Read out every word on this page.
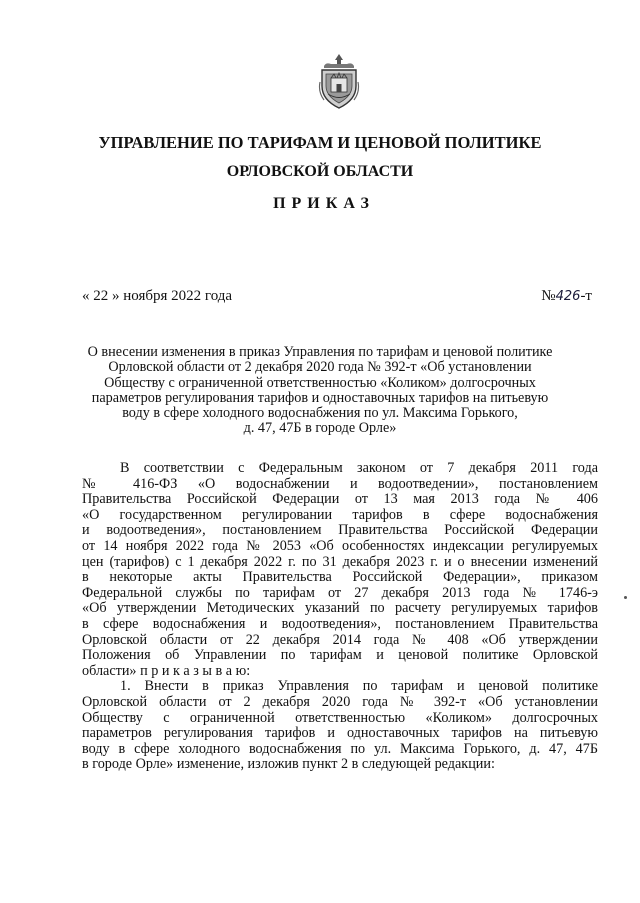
УПРАВЛЕНИЕ ПО ТАРИФАМ И ЦЕНОВОЙ ПОЛИТИКЕ
ОРЛОВСКОЙ ОБЛАСТИ
ПРИКАЗ
« 22 » ноября 2022 года	№426-т
О внесении изменения в приказ Управления по тарифам и ценовой политике
Орловской области от 2 декабря 2020 года № 392-т «Об установлении
Обществу с ограниченной ответственностью «Коликом» долгосрочных
параметров регулирования тарифов и одноставочных тарифов на питьевую
воду в сфере холодного водоснабжения по ул. Максима Горького,
д. 47, 47Б в городе Орле»
В соответствии с Федеральным законом от 7 декабря 2011 года
№ 416-ФЗ «О водоснабжении и водоотведении», постановлением
Правительства Российской Федерации от 13 мая 2013 года № 406
«О государственном регулировании тарифов в сфере водоснабжения
и водоотведения», постановлением Правительства Российской Федерации
от 14 ноября 2022 года № 2053 «Об особенностях индексации регулируемых
цен (тарифов) с 1 декабря 2022 г. по 31 декабря 2023 г. и о внесении изменений
в некоторые акты Правительства Российской Федерации», приказом
Федеральной службы по тарифам от 27 декабря 2013 года № 1746-э
«Об утверждении Методических указаний по расчету регулируемых тарифов
в сфере водоснабжения и водоотведения», постановлением Правительства
Орловской области от 22 декабря 2014 года № 408 «Об утверждении
Положения об Управлении по тарифам и ценовой политике Орловской
области» п р и к а з ы в а ю:
1. Внести в приказ Управления по тарифам и ценовой политике
Орловской области от 2 декабря 2020 года № 392-т «Об установлении
Обществу с ограниченной ответственностью «Коликом» долгосрочных
параметров регулирования тарифов и одноставочных тарифов на питьевую
воду в сфере холодного водоснабжения по ул. Максима Горького, д. 47, 47Б
в городе Орле» изменение, изложив пункт 2 в следующей редакции:
